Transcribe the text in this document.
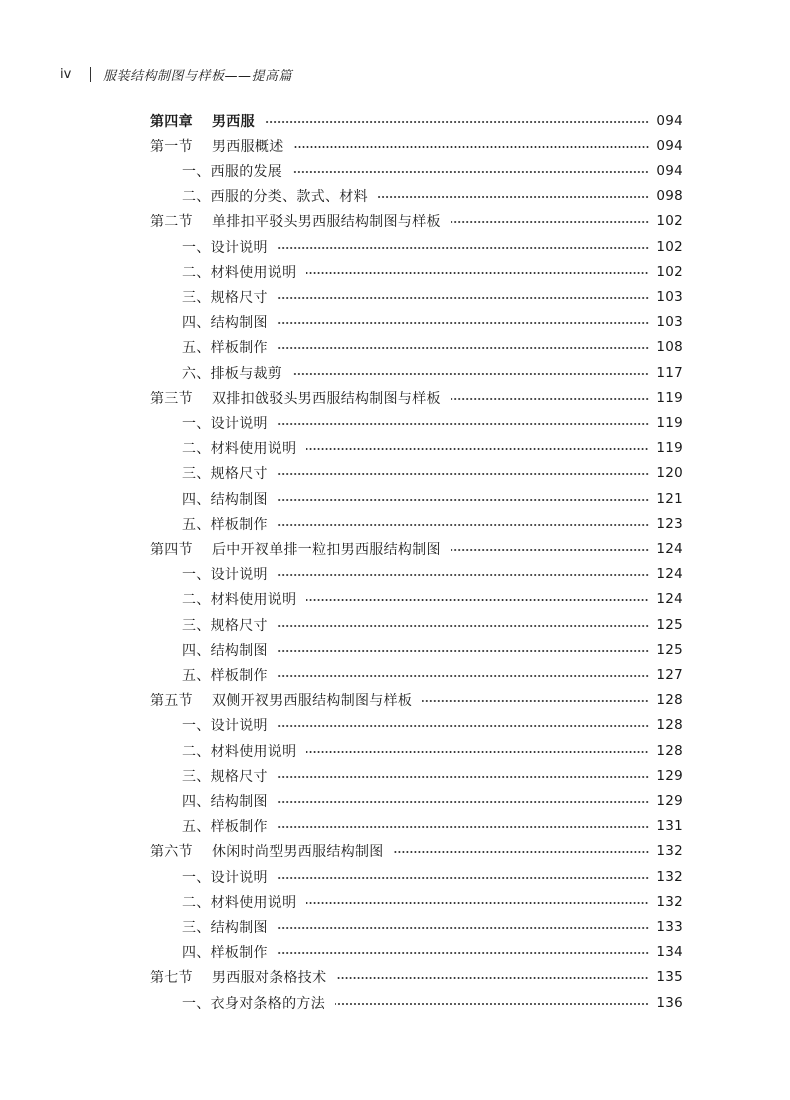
iv	服装结构制图与样板——提高篇
第四章 男西服	094
第一节 男西服概述	094
一、西服的发展	094
二、西服的分类、款式、材料	098
第二节 单排扣平驳头男西服结构制图与样板	102
一、设计说明	102
二、材料使用说明	102
三、规格尺寸	103
四、结构制图	103
五、样板制作	108
六、排板与裁剪	117
第三节 双排扣戗驳头男西服结构制图与样板	119
一、设计说明	119
二、材料使用说明	119
三、规格尺寸	120
四、结构制图	121
五、样板制作	123
第四节 后中开衩单排一粒扣男西服结构制图	124
一、设计说明	124
二、材料使用说明	124
三、规格尺寸	125
四、结构制图	125
五、样板制作	127
第五节 双侧开衩男西服结构制图与样板	128
一、设计说明	128
二、材料使用说明	128
三、规格尺寸	129
四、结构制图	129
五、样板制作	131
第六节 休闲时尚型男西服结构制图	132
一、设计说明	132
二、材料使用说明	132
三、结构制图	133
四、样板制作	134
第七节 男西服对条格技术	135
一、衣身对条格的方法	136
